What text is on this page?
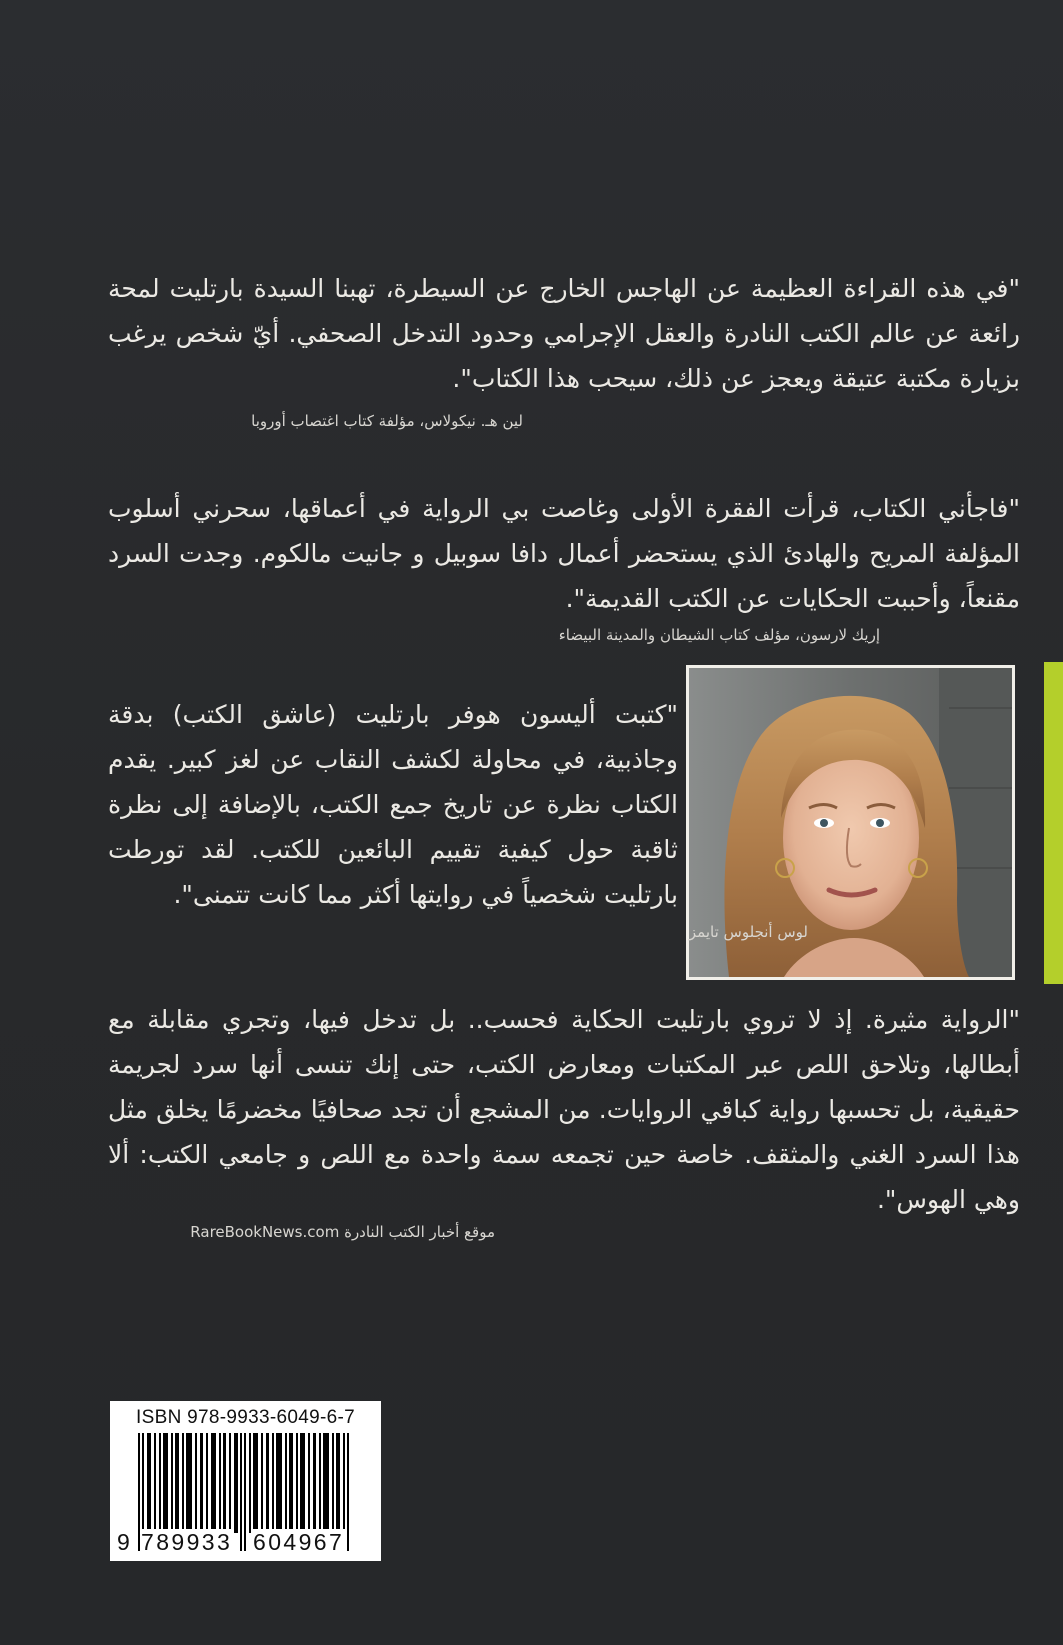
"في هذه القراءة العظيمة عن الهاجس الخارج عن السيطرة، تهبنا السيدة بارتليت لمحة رائعة عن عالم الكتب النادرة والعقل الإجرامي وحدود التدخل الصحفي. أيّ شخص يرغب بزيارة مكتبة عتيقة ويعجز عن ذلك، سيحب هذا الكتاب".

لين هـ. نيكولاس، مؤلفة كتاب اغتصاب أوروبا

"فاجأني الكتاب، قرأت الفقرة الأولى وغاصت بي الرواية في أعماقها، سحرني أسلوب المؤلفة المريح والهادئ الذي يستحضر أعمال دافا سوبيل و جانيت مالكوم. وجدت السرد مقنعاً، وأحببت الحكايات عن الكتب القديمة".

إريك لارسون، مؤلف كتاب الشيطان والمدينة البيضاء

"كتبت أليسون هوفر بارتليت (عاشق الكتب) بدقة وجاذبية، في محاولة لكشف النقاب عن لغز كبير. يقدم الكتاب نظرة عن تاريخ جمع الكتب، بالإضافة إلى نظرة ثاقبة حول كيفية تقييم البائعين للكتب. لقد تورطت بارتليت شخصياً في روايتها أكثر مما كانت تتمنى".

لوس أنجلوس تايمز

"الرواية مثيرة. إذ لا تروي بارتليت الحكاية فحسب.. بل تدخل فيها، وتجري مقابلة مع أبطالها، وتلاحق اللص عبر المكتبات ومعارض الكتب، حتى إنك تنسى أنها سرد لجريمة حقيقية، بل تحسبها رواية كباقي الروايات. من المشجع أن تجد صحافيًا مخضرمًا يخلق مثل هذا السرد الغني والمثقف. خاصة حين تجمعه سمة واحدة مع اللص و جامعي الكتب: ألا وهي الهوس".

موقع أخبار الكتب النادرة RareBookNews.com

ISBN 978-9933-6049-6-7
9 789933 604967
